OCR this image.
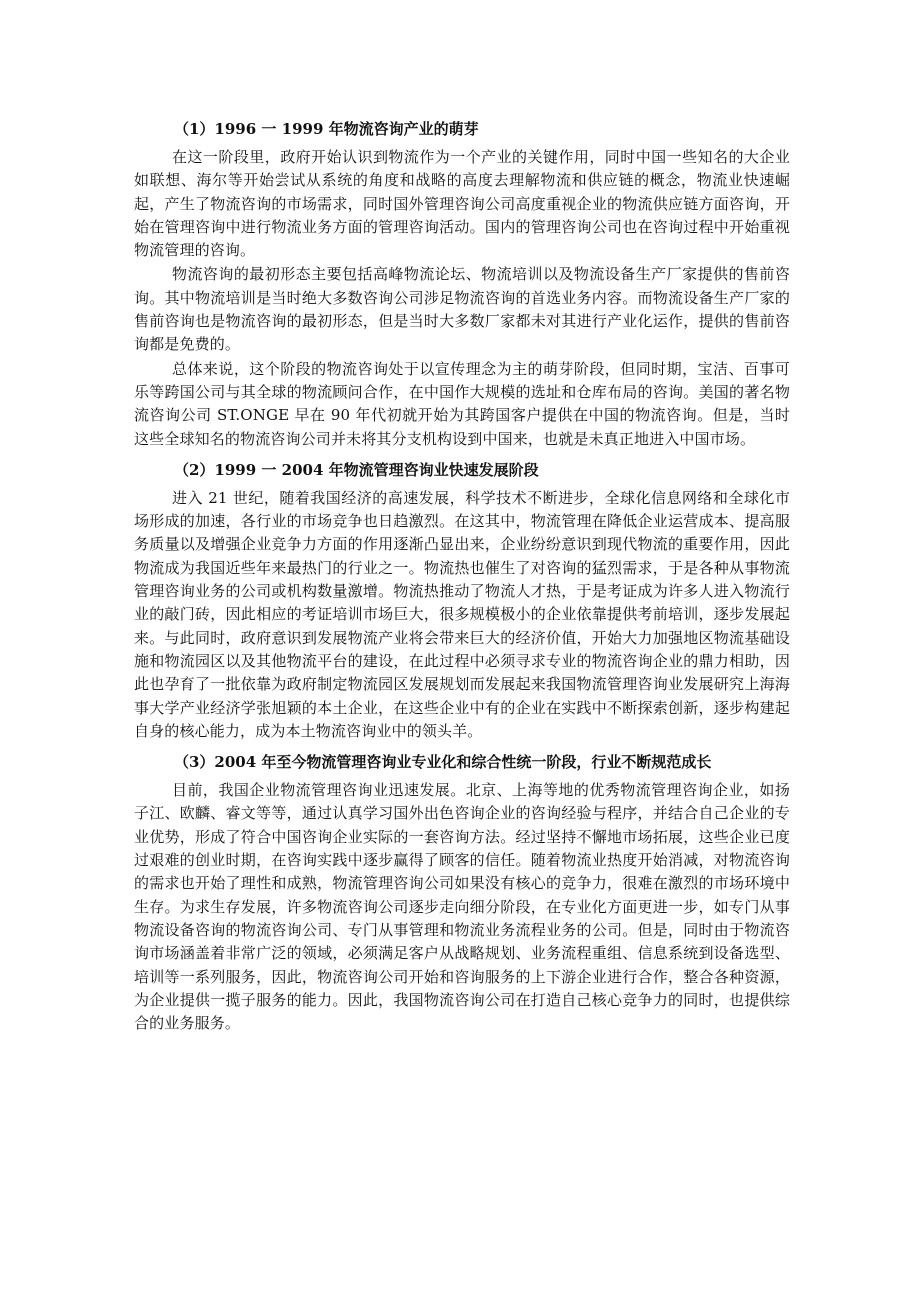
（1）1996 一 1999 年物流咨询产业的萌芽

在这一阶段里，政府开始认识到物流作为一个产业的关键作用，同时中国一些知名的大企业如联想、海尔等开始尝试从系统的角度和战略的高度去理解物流和供应链的概念，物流业快速崛起，产生了物流咨询的市场需求，同时国外管理咨询公司高度重视企业的物流供应链方面咨询，开始在管理咨询中进行物流业务方面的管理咨询活动。国内的管理咨询公司也在咨询过程中开始重视物流管理的咨询。

物流咨询的最初形态主要包括高峰物流论坛、物流培训以及物流设备生产厂家提供的售前咨询。其中物流培训是当时绝大多数咨询公司涉足物流咨询的首选业务内容。而物流设备生产厂家的售前咨询也是物流咨询的最初形态，但是当时大多数厂家都未对其进行产业化运作，提供的售前咨询都是免费的。

总体来说，这个阶段的物流咨询处于以宣传理念为主的萌芽阶段，但同时期，宝洁、百事可乐等跨国公司与其全球的物流顾问合作，在中国作大规模的选址和仓库布局的咨询。美国的著名物流咨询公司 ST.ONGE 早在 90 年代初就开始为其跨国客户提供在中国的物流咨询。但是，当时这些全球知名的物流咨询公司并未将其分支机构设到中国来，也就是未真正地进入中国市场。

（2）1999 一 2004 年物流管理咨询业快速发展阶段

进入 21 世纪，随着我国经济的高速发展，科学技术不断进步，全球化信息网络和全球化市场形成的加速，各行业的市场竞争也日趋激烈。在这其中，物流管理在降低企业运营成本、提高服务质量以及增强企业竞争力方面的作用逐渐凸显出来，企业纷纷意识到现代物流的重要作用，因此物流成为我国近些年来最热门的行业之一。物流热也催生了对咨询的猛烈需求，于是各种从事物流管理咨询业务的公司或机构数量激增。物流热推动了物流人才热，于是考证成为许多人进入物流行业的敲门砖，因此相应的考证培训市场巨大，很多规模极小的企业依靠提供考前培训，逐步发展起来。与此同时，政府意识到发展物流产业将会带来巨大的经济价值，开始大力加强地区物流基础设施和物流园区以及其他物流平台的建设，在此过程中必须寻求专业的物流咨询企业的鼎力相助，因此也孕育了一批依靠为政府制定物流园区发展规划而发展起来我国物流管理咨询业发展研究上海海事大学产业经济学张旭颖的本土企业，在这些企业中有的企业在实践中不断探索创新，逐步构建起自身的核心能力，成为本土物流咨询业中的领头羊。

（3）2004 年至今物流管理咨询业专业化和综合性统一阶段，行业不断规范成长

目前，我国企业物流管理咨询业迅速发展。北京、上海等地的优秀物流管理咨询企业，如扬子江、欧麟、睿文等等，通过认真学习国外出色咨询企业的咨询经验与程序，并结合自己企业的专业优势，形成了符合中国咨询企业实际的一套咨询方法。经过坚持不懈地市场拓展，这些企业已度过艰难的创业时期，在咨询实践中逐步赢得了顾客的信任。随着物流业热度开始消减，对物流咨询的需求也开始了理性和成熟，物流管理咨询公司如果没有核心的竞争力，很难在激烈的市场环境中生存。为求生存发展，许多物流咨询公司逐步走向细分阶段，在专业化方面更进一步，如专门从事物流设备咨询的物流咨询公司、专门从事管理和物流业务流程业务的公司。但是，同时由于物流咨询市场涵盖着非常广泛的领域，必须满足客户从战略规划、业务流程重组、信息系统到设备选型、培训等一系列服务，因此，物流咨询公司开始和咨询服务的上下游企业进行合作，整合各种资源，为企业提供一揽子服务的能力。因此，我国物流咨询公司在打造自己核心竞争力的同时，也提供综合的业务服务。
